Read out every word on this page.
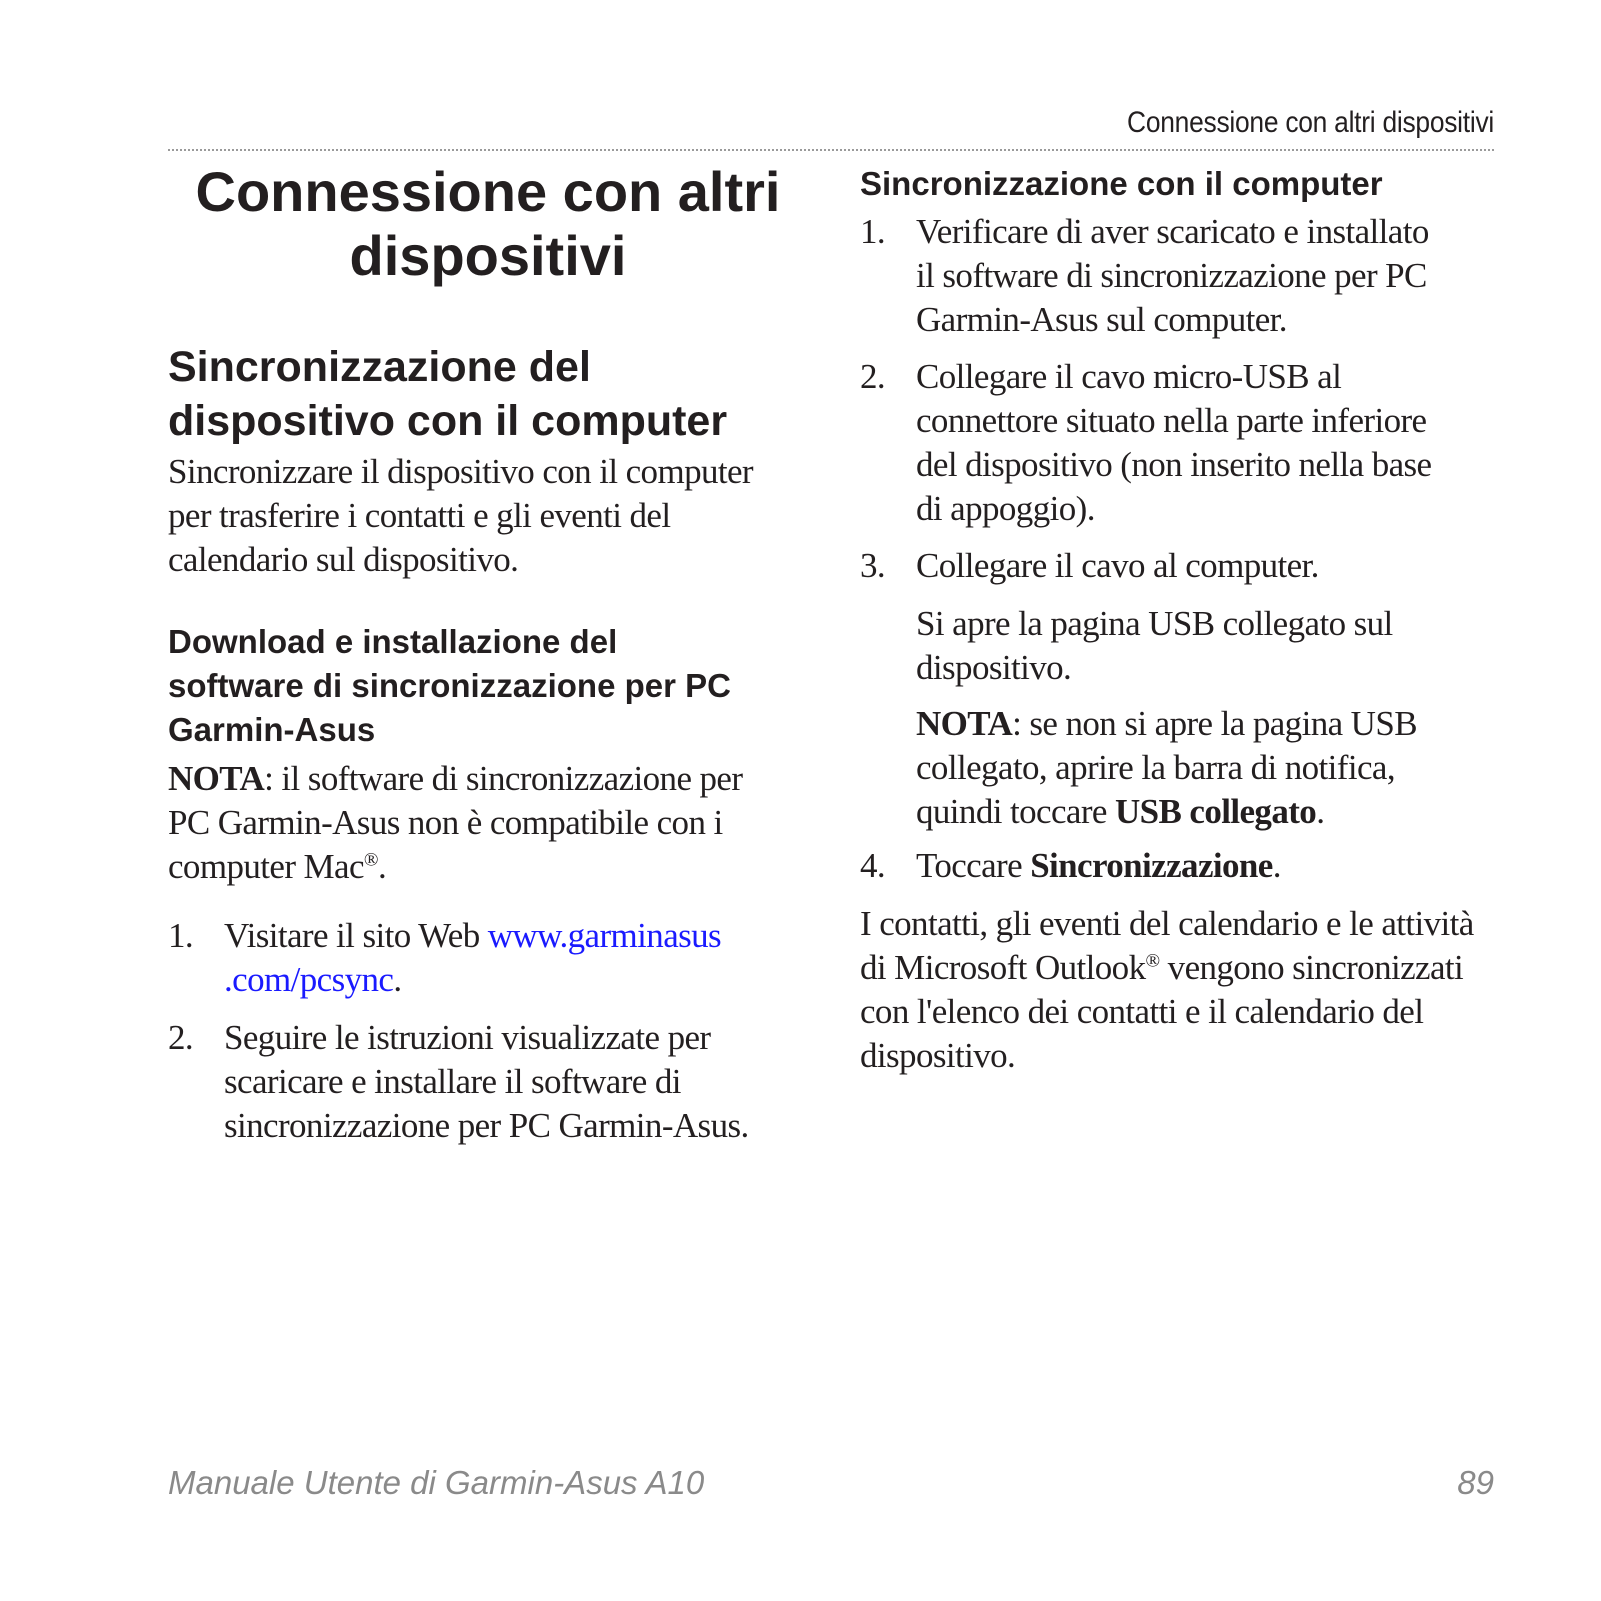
Connessione con altri dispositivi
Connessione con altri
dispositivi
Sincronizzazione del
dispositivo con il computer

Sincronizzare il dispositivo con il computer
per trasferire i contatti e gli eventi del
calendario sul dispositivo.

Download e installazione del
software di sincronizzazione per PC
Garmin-Asus

NOTA: il software di sincronizzazione per
PC Garmin-Asus non è compatibile con i
computer Mac®.

1. Visitare il sito Web www.garminasus
.com/pcsync.
2. Seguire le istruzioni visualizzate per
scaricare e installare il software di
sincronizzazione per PC Garmin-Asus.
Sincronizzazione con il computer
1. Verificare di aver scaricato e installato
il software di sincronizzazione per PC
Garmin-Asus sul computer.
2. Collegare il cavo micro-USB al
connettore situato nella parte inferiore
del dispositivo (non inserito nella base
di appoggio).
3. Collegare il cavo al computer.
Si apre la pagina USB collegato sul
dispositivo.
NOTA: se non si apre la pagina USB
collegato, aprire la barra di notifica,
quindi toccare USB collegato.
4. Toccare Sincronizzazione.

I contatti, gli eventi del calendario e le attività
di Microsoft Outlook® vengono sincronizzati
con l'elenco dei contatti e il calendario del
dispositivo.

Manuale Utente di Garmin-Asus A10	89
